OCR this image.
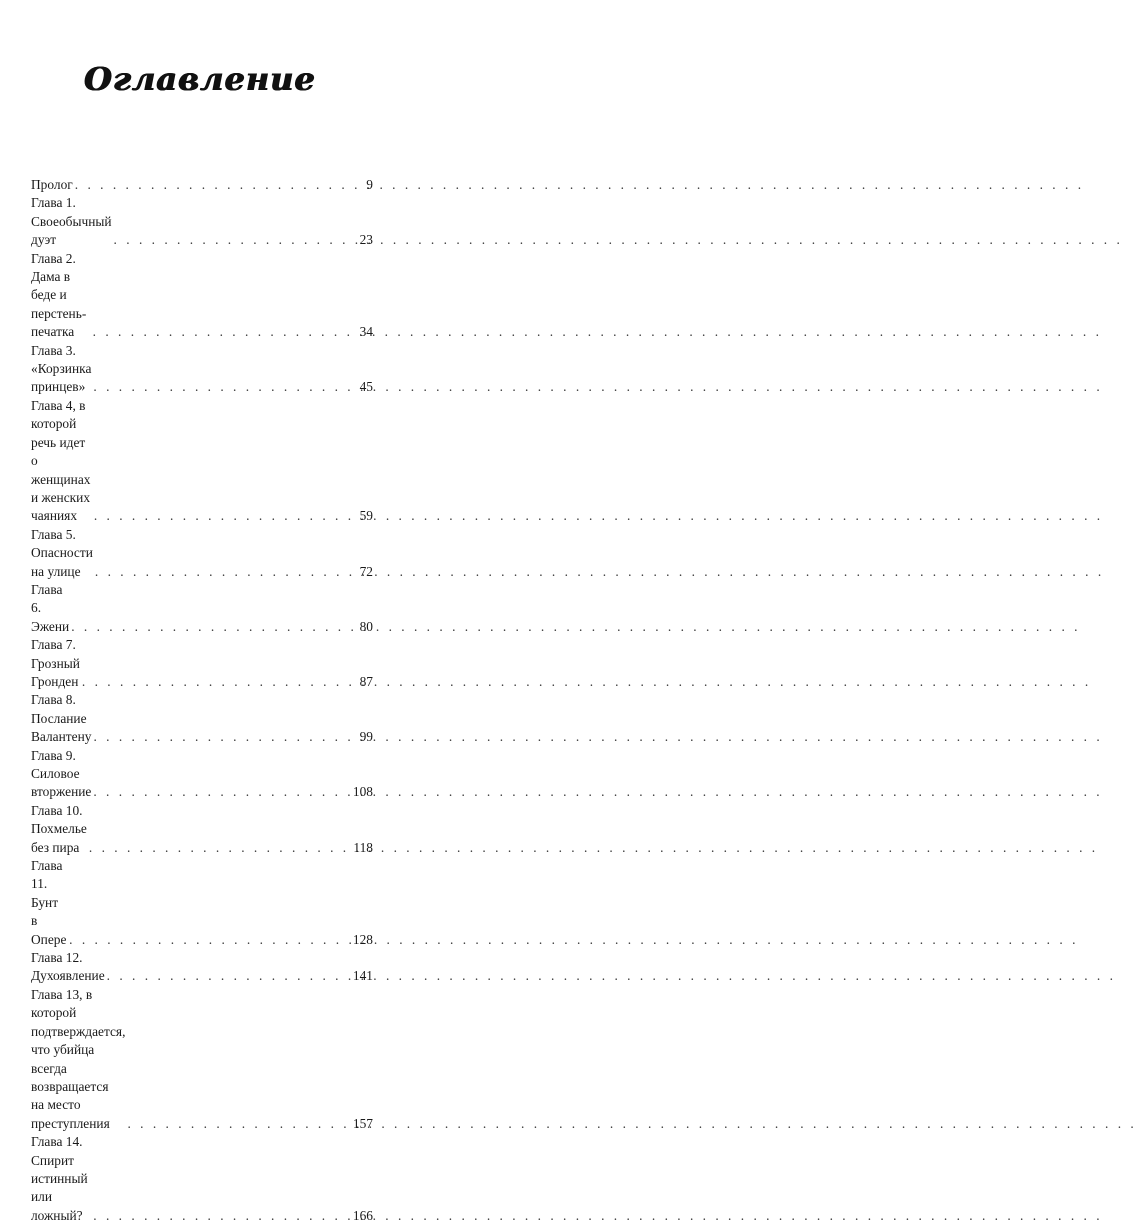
Оглавление
Пролог . . .	9
Глава 1. Своеобычный дуэт . . .	23
Глава 2. Дама в беде и перстень-печатка . . .	34
Глава 3. «Корзинка принцев» . . .	45
Глава 4, в которой речь идет о женщинах
и женских чаяниях . . .	59
Глава 5. Опасности на улице . . .	72
Глава 6. Эжени . . .	80
Глава 7. Грозный Гронден . . .	87
Глава 8. Послание Валантену . . .	99
Глава 9. Силовое вторжение . . .	108
Глава 10. Похмелье без пира . . .	118
Глава 11. Бунт в Опере . . .	128
Глава 12. Духоявление . . .	141
Глава 13, в которой подтверждается,
что убийца всегда возвращается
на место преступления . . .	157
Глава 14. Спирит истинный или ложный? . . .	166
